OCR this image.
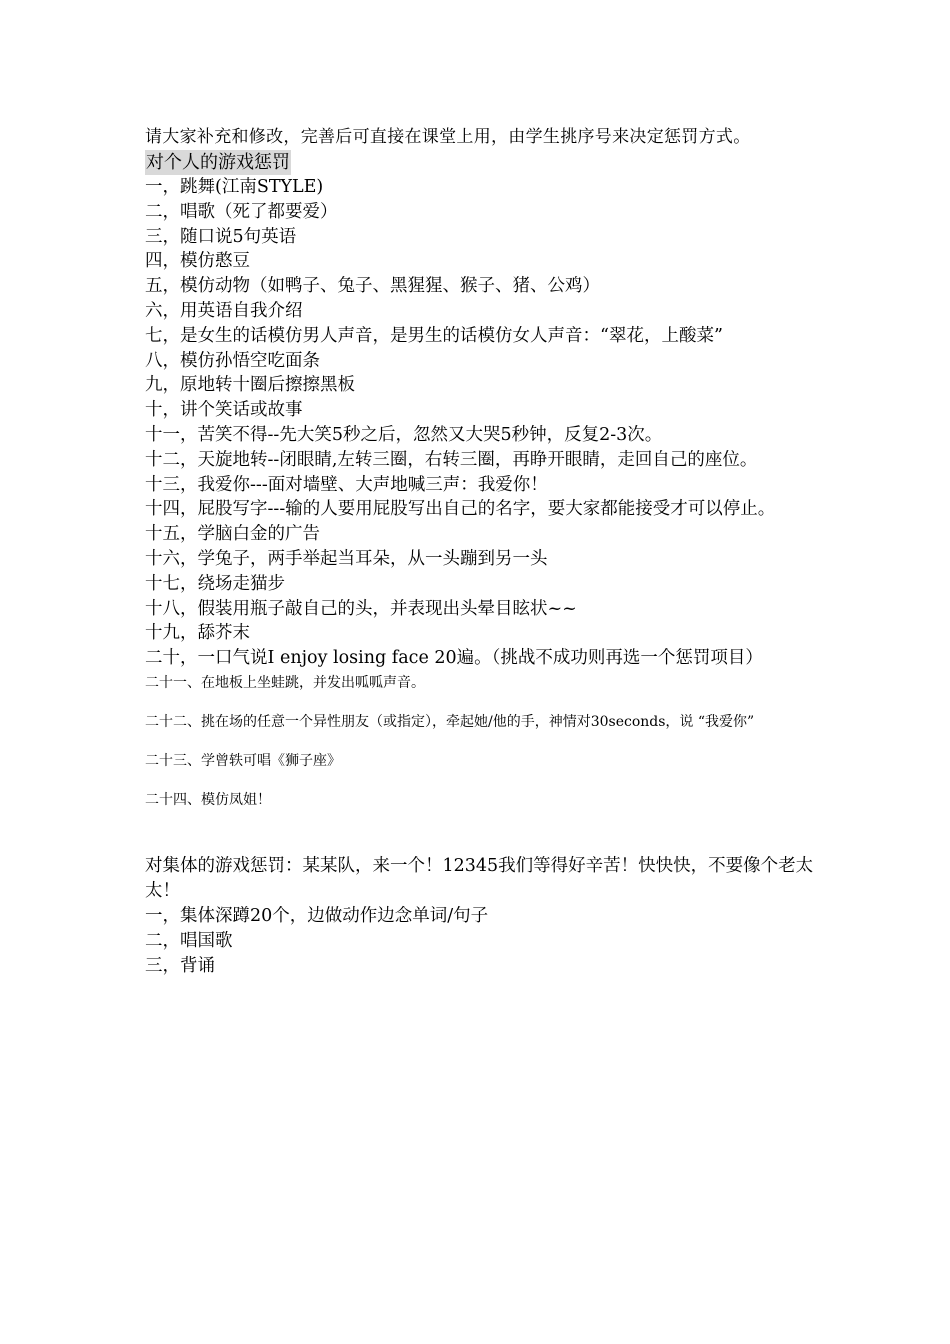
请大家补充和修改，完善后可直接在课堂上用，由学生挑序号来决定惩罚方式。
对个人的游戏惩罚
一，跳舞(江南STYLE)
二，唱歌（死了都要爱）
三，随口说5句英语
四，模仿憨豆
五，模仿动物（如鸭子、兔子、黑猩猩、猴子、猪、公鸡）
六，用英语自我介绍
七，是女生的话模仿男人声音，是男生的话模仿女人声音：“翠花，上酸菜”
八，模仿孙悟空吃面条
九，原地转十圈后擦擦黑板
十，讲个笑话或故事
十一，苦笑不得--先大笑5秒之后，忽然又大哭5秒钟，反复2-3次。
十二，天旋地转--闭眼睛,左转三圈，右转三圈，再睁开眼睛，走回自己的座位。
十三，我爱你---面对墙壁、大声地喊三声：我爱你！
十四，屁股写字---输的人要用屁股写出自己的名字，要大家都能接受才可以停止。
十五，学脑白金的广告
十六，学兔子，两手举起当耳朵，从一头蹦到另一头
十七，绕场走猫步
十八，假装用瓶子敲自己的头，并表现出头晕目眩状~~
十九，舔芥末
二十，一口气说I enjoy losing face 20遍。（挑战不成功则再选一个惩罚项目）
二十一、在地板上坐蛙跳，并发出呱呱声音。
二十二、挑在场的任意一个异性朋友（或指定），牵起她/他的手，神情对30seconds，说 “我爱你”
二十三、学曾轶可唱《狮子座》
二十四、模仿凤姐！
对集体的游戏惩罚：某某队，来一个！12345我们等得好辛苦！快快快，不要像个老太太！
一，集体深蹲20个，边做动作边念单词/句子
二，唱国歌
三，背诵
